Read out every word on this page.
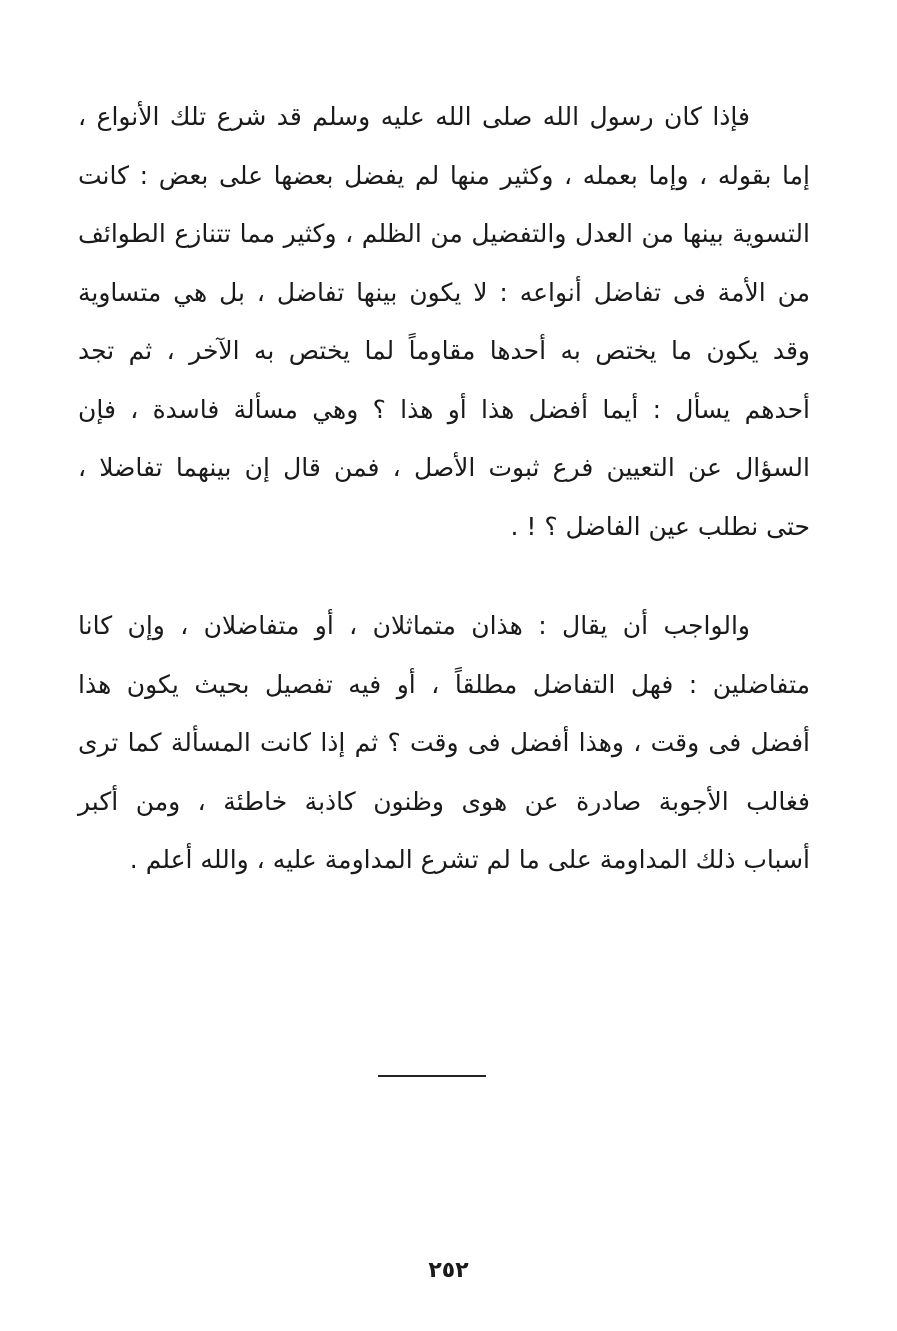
فإذا كان رسول الله صلى الله عليه وسلم قد شرع تلك الأنواع ،
إما بقوله ، وإما بعمله ، وكثير منها لم يفضل بعضها على بعض : كانت
التسوية بينها من العدل والتفضيل من الظلم ، وكثير مما تتنازع الطوائف
من الأمة فى تفاضل أنواعه : لا يكون بينها تفاضل ، بل هي متساوية
وقد يكون ما يختص به أحدها مقاوماً لما يختص به الآخر ، ثم تجد
أحدهم يسأل : أيما أفضل هذا أو هذا ؟ وهي مسألة فاسدة ، فإن
السؤال عن التعيين فرع ثبوت الأصل ، فمن قال إن بينهما تفاضلا ،
حتى نطلب عين الفاضل ؟ ! .
والواجب أن يقال : هذان متماثلان ، أو متفاضلان ، وإن كانا
متفاضلين : فهل التفاضل مطلقاً ، أو فيه تفصيل بحيث يكون هذا
أفضل فى وقت ، وهذا أفضل فى وقت ؟ ثم إذا كانت المسألة كما ترى
فغالب الأجوبة صادرة عن هوى وظنون كاذبة خاطئة ، ومن أكبر
أسباب ذلك المداومة على ما لم تشرع المداومة عليه ، والله أعلم .
٢٥٢
